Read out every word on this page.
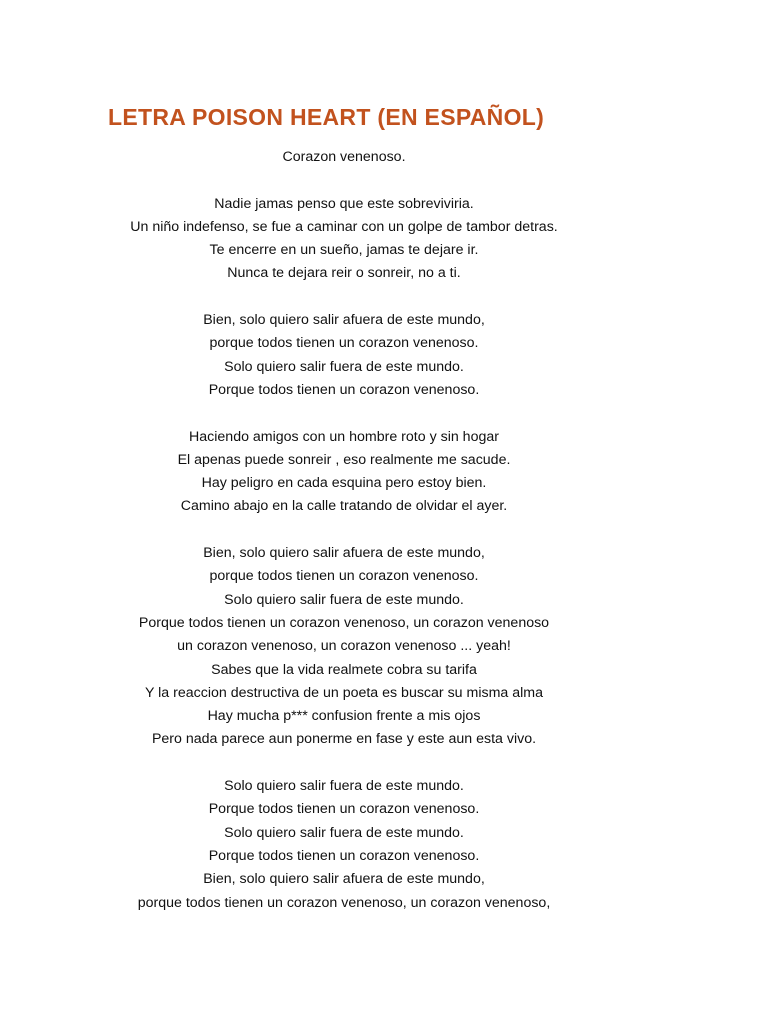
LETRA POISON HEART (EN ESPAÑOL)
Corazon venenoso.
Nadie jamas penso que este sobreviviria.
Un niño indefenso, se fue a caminar con un golpe de tambor detras.
Te encerre en un sueño, jamas te dejare ir.
Nunca te dejara reir o sonreir, no a ti.
Bien, solo quiero salir afuera de este mundo,
porque todos tienen un corazon venenoso.
Solo quiero salir fuera de este mundo.
Porque todos tienen un corazon venenoso.
Haciendo amigos con un hombre roto y sin hogar
El apenas puede sonreir , eso realmente me sacude.
Hay peligro en cada esquina pero estoy bien.
Camino abajo en la calle tratando de olvidar el ayer.
Bien, solo quiero salir afuera de este mundo,
porque todos tienen un corazon venenoso.
Solo quiero salir fuera de este mundo.
Porque todos tienen un corazon venenoso, un corazon venenoso
un corazon venenoso, un corazon venenoso ... yeah!
Sabes que la vida realmete cobra su tarifa
Y la reaccion destructiva de un poeta es buscar su misma alma
Hay mucha p*** confusion frente a mis ojos
Pero nada parece aun ponerme en fase y este aun esta vivo.
Solo quiero salir fuera de este mundo.
Porque todos tienen un corazon venenoso.
Solo quiero salir fuera de este mundo.
Porque todos tienen un corazon venenoso.
Bien, solo quiero salir afuera de este mundo,
porque todos tienen un corazon venenoso, un corazon venenoso,
